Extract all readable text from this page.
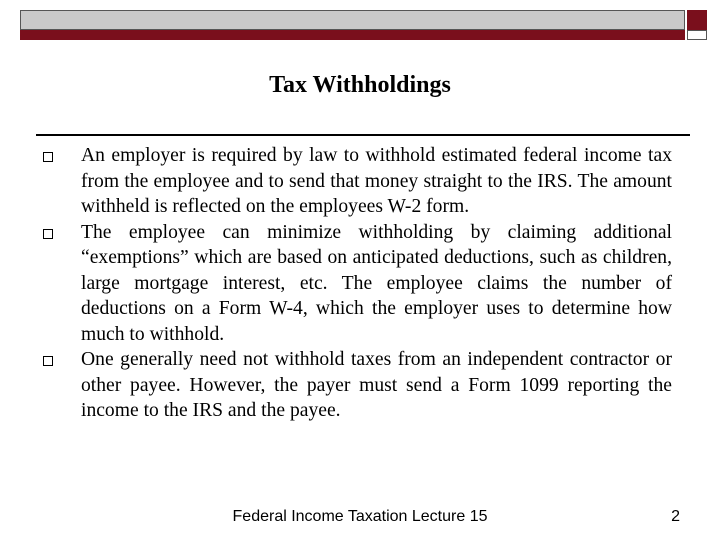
Tax Withholdings
An employer is required by law to withhold estimated federal income tax from the employee and to send that money straight to the IRS. The amount withheld is reflected on the employees W-2 form.
The employee can minimize withholding by claiming additional “exemptions” which are based on anticipated deductions, such as children, large mortgage interest, etc. The employee claims the number of deductions on a Form W-4, which the employer uses to determine how much to withhold.
One generally need not withhold taxes from an independent contractor or other payee. However, the payer must send a Form 1099 reporting the income to the IRS and the payee.
Federal Income Taxation Lecture 15	2
